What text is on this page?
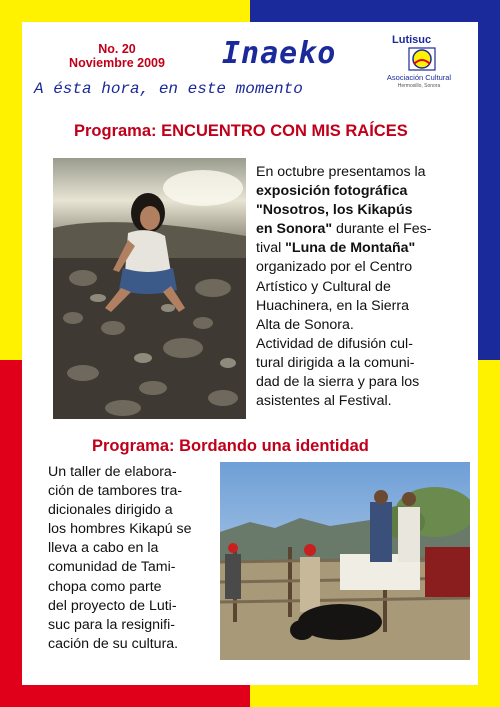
No. 20
Noviembre 2009 Inaeko
A ésta hora, en este momento
Lutisuc
Asociación Cultural
Hermosillo, Sonora
Programa: ENCUENTRO CON MIS RAÍCES
En octubre presentamos la
exposición fotográfica
"Nosotros, los Kikapús
en Sonora" durante el Fes-
tival "Luna de Montaña"
organizado por el Centro
Artístico y Cultural de
Huachinera, en la Sierra
Alta de Sonora.
Actividad de difusión cul-
tural dirigida a la comuni-
dad de la sierra y para los
asistentes al Festival.
Programa: Bordando una identidad
Un taller de elabora-
ción de tambores tra-
dicionales dirigido a
los hombres Kikapú se
lleva a cabo en la
comunidad de Tami-
chopa como parte
del proyecto de Luti-
suc para la resignifi-
cación de su cultura.
